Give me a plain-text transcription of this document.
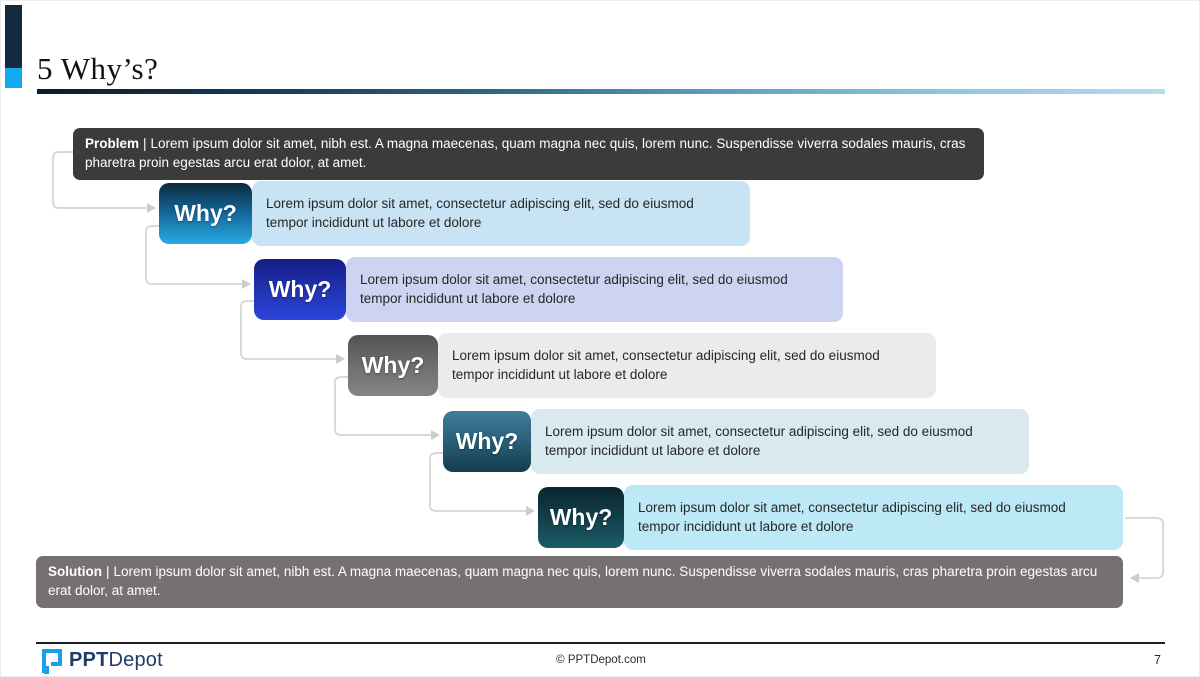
5 Why’s?
Problem | Lorem ipsum dolor sit amet, nibh est. A magna maecenas, quam magna nec quis, lorem nunc. Suspendisse viverra sodales mauris, cras pharetra proin egestas arcu erat dolor, at amet.
Lorem ipsum dolor sit amet, consectetur adipiscing elit, sed do eiusmod tempor incididunt ut labore et dolore
Why?
Lorem ipsum dolor sit amet, consectetur adipiscing elit, sed do eiusmod tempor incididunt ut labore et dolore
Why?
Lorem ipsum dolor sit amet, consectetur adipiscing elit, sed do eiusmod tempor incididunt ut labore et dolore
Why?
Lorem ipsum dolor sit amet, consectetur adipiscing elit, sed do eiusmod tempor incididunt ut labore et dolore
Why?
Lorem ipsum dolor sit amet, consectetur adipiscing elit, sed do eiusmod tempor incididunt ut labore et dolore
Why?
Solution | Lorem ipsum dolor sit amet, nibh est. A magna maecenas, quam magna nec quis, lorem nunc. Suspendisse viverra sodales mauris, cras pharetra proin egestas arcu erat dolor, at amet.
PPTDepot	© PPTDepot.com	7
